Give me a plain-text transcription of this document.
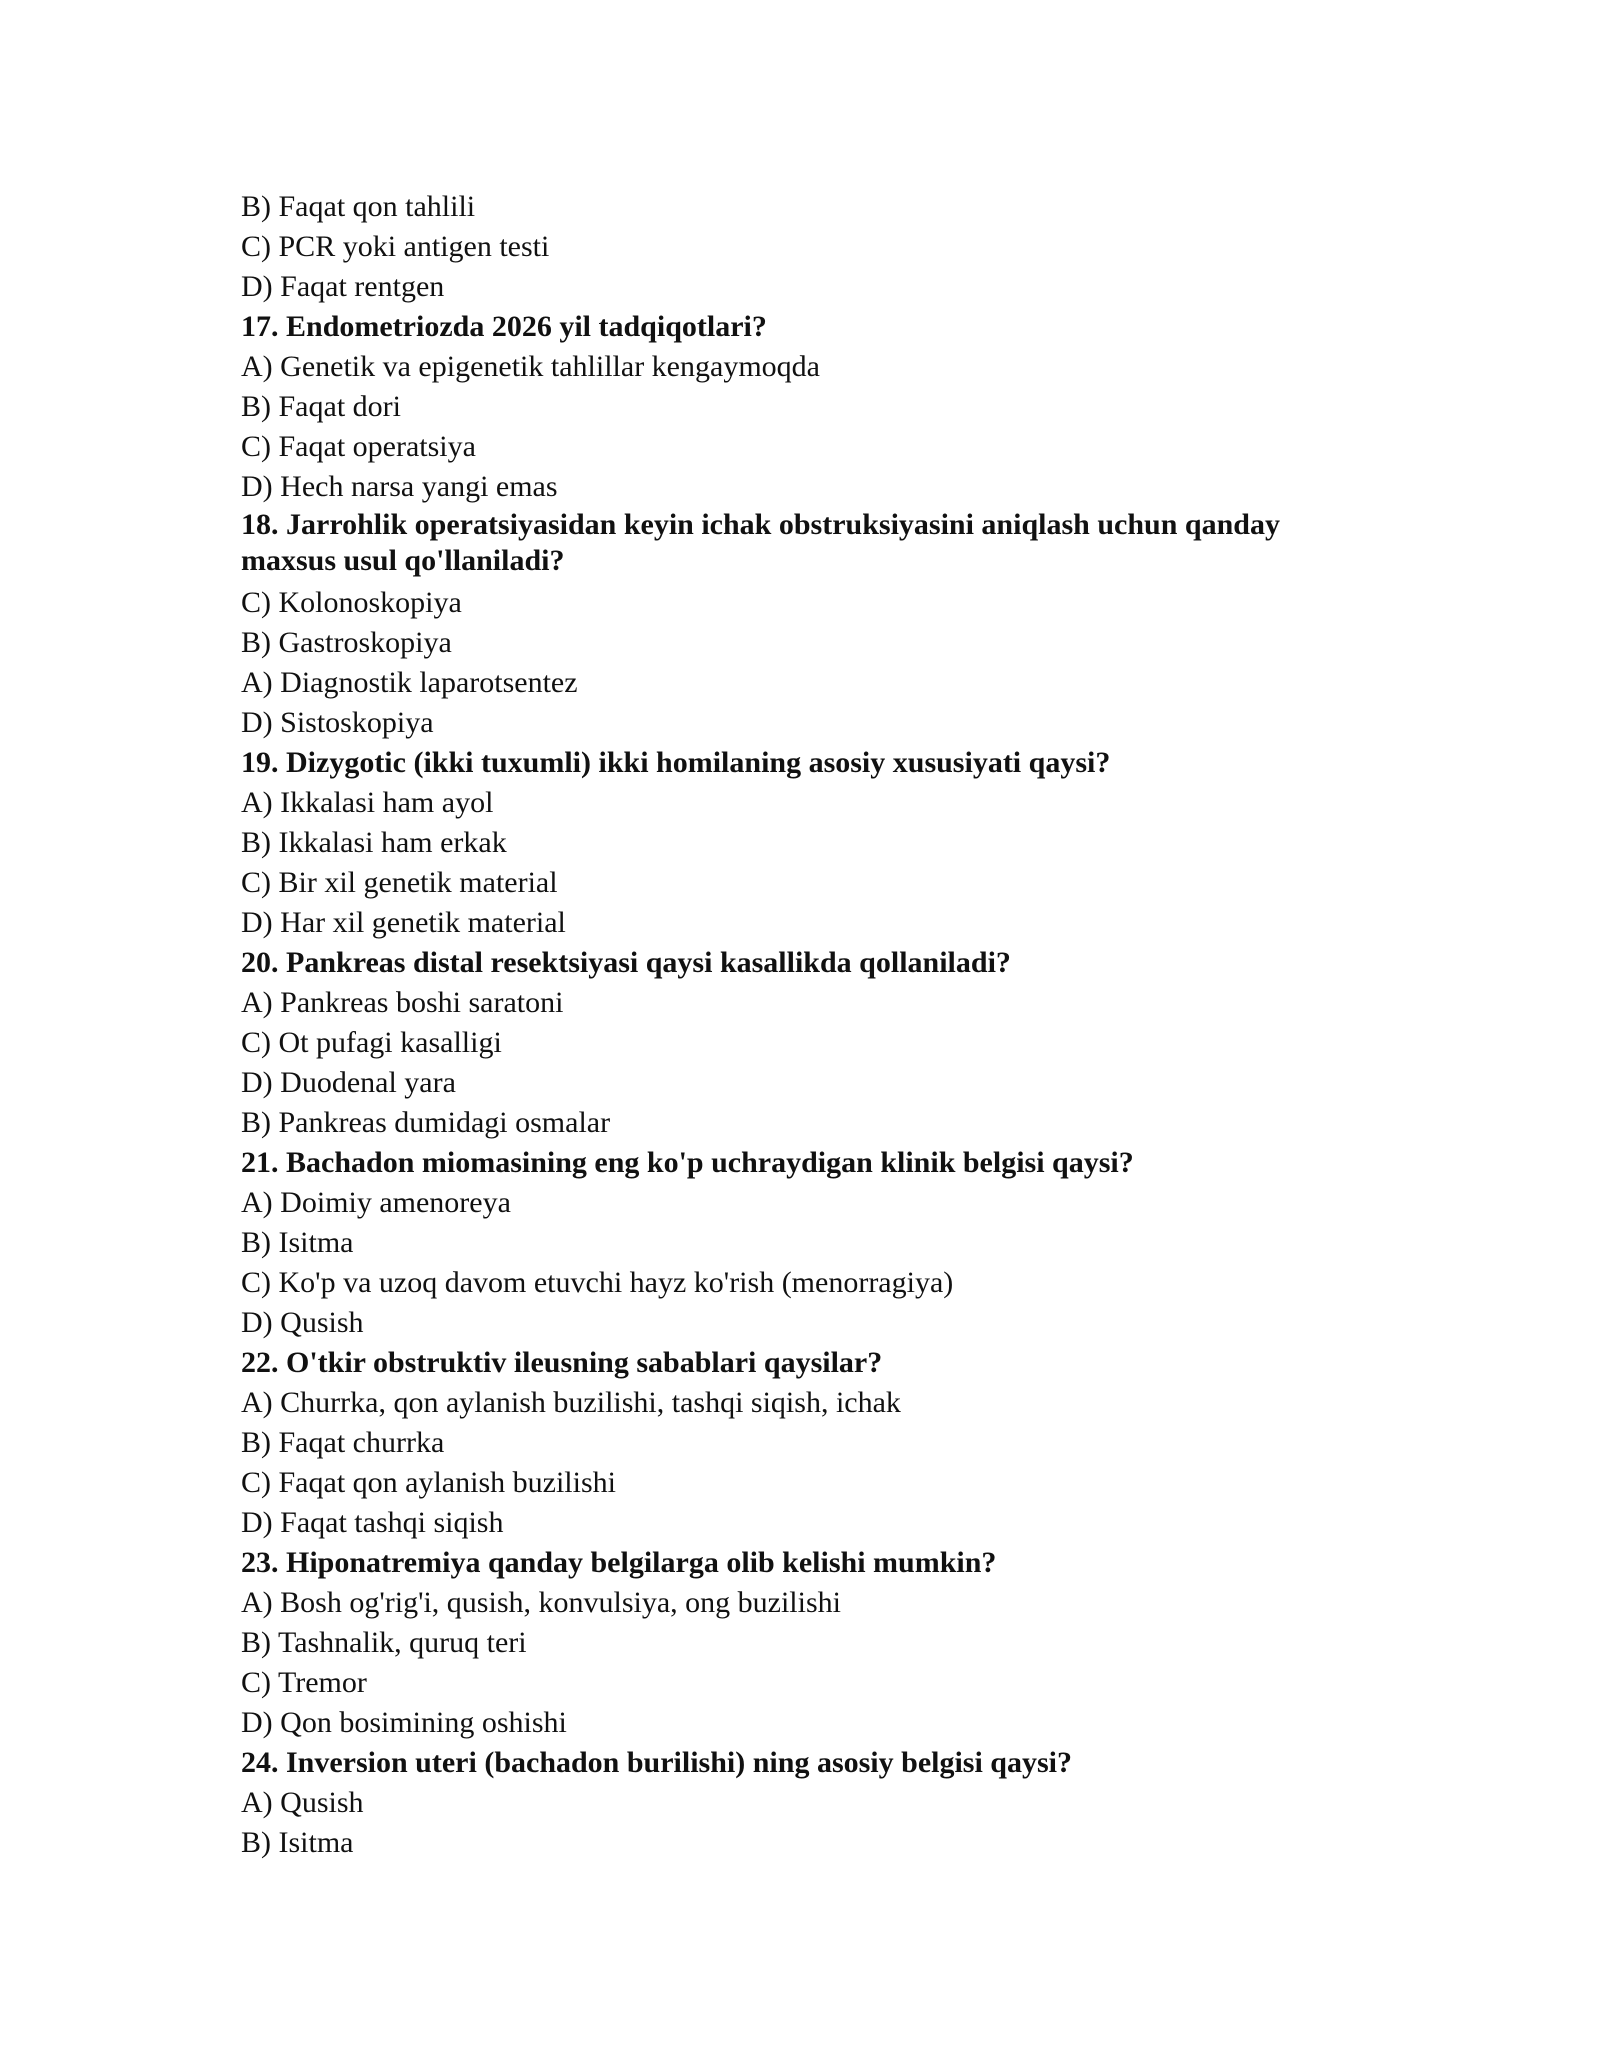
B) Faqat qon tahlili

C) PCR yoki antigen testi

D) Faqat rentgen

17. Endometriozda 2026 yil tadqiqotlari?

A) Genetik va epigenetik tahlillar kengaymoqda

B) Faqat dori

C) Faqat operatsiya

D) Hech narsa yangi emas

18. Jarrohlik operatsiyasidan keyin ichak obstruksiyasini aniqlash uchun qanday maxsus usul qo'llaniladi?

C) Kolonoskopiya

B) Gastroskopiya

A) Diagnostik laparotsentez

D) Sistoskopiya

19. Dizygotic (ikki tuxumli) ikki homilaning asosiy xususiyati qaysi?

A) Ikkalasi ham ayol

B) Ikkalasi ham erkak

C) Bir xil genetik material

D) Har xil genetik material

20. Pankreas distal resektsiyasi qaysi kasallikda qollaniladi?

A) Pankreas boshi saratoni

C) Ot pufagi kasalligi

D) Duodenal yara

B) Pankreas dumidagi osmalar

21. Bachadon miomasining eng ko'p uchraydigan klinik belgisi qaysi?

A) Doimiy amenoreya

B) Isitma

C) Ko'p va uzoq davom etuvchi hayz ko'rish (menorragiya)

D) Qusish

22. O'tkir obstruktiv ileusning sabablari qaysilar?

A) Churrka, qon aylanish buzilishi, tashqi siqish, ichak

B) Faqat churrka

C) Faqat qon aylanish buzilishi

D) Faqat tashqi siqish

23. Hiponatremiya qanday belgilarga olib kelishi mumkin?

A) Bosh og'rig'i, qusish, konvulsiya, ong buzilishi

B) Tashnalik, quruq teri

C) Tremor

D) Qon bosimining oshishi

24. Inversion uteri (bachadon burilishi) ning asosiy belgisi qaysi?

A) Qusish

B) Isitma
